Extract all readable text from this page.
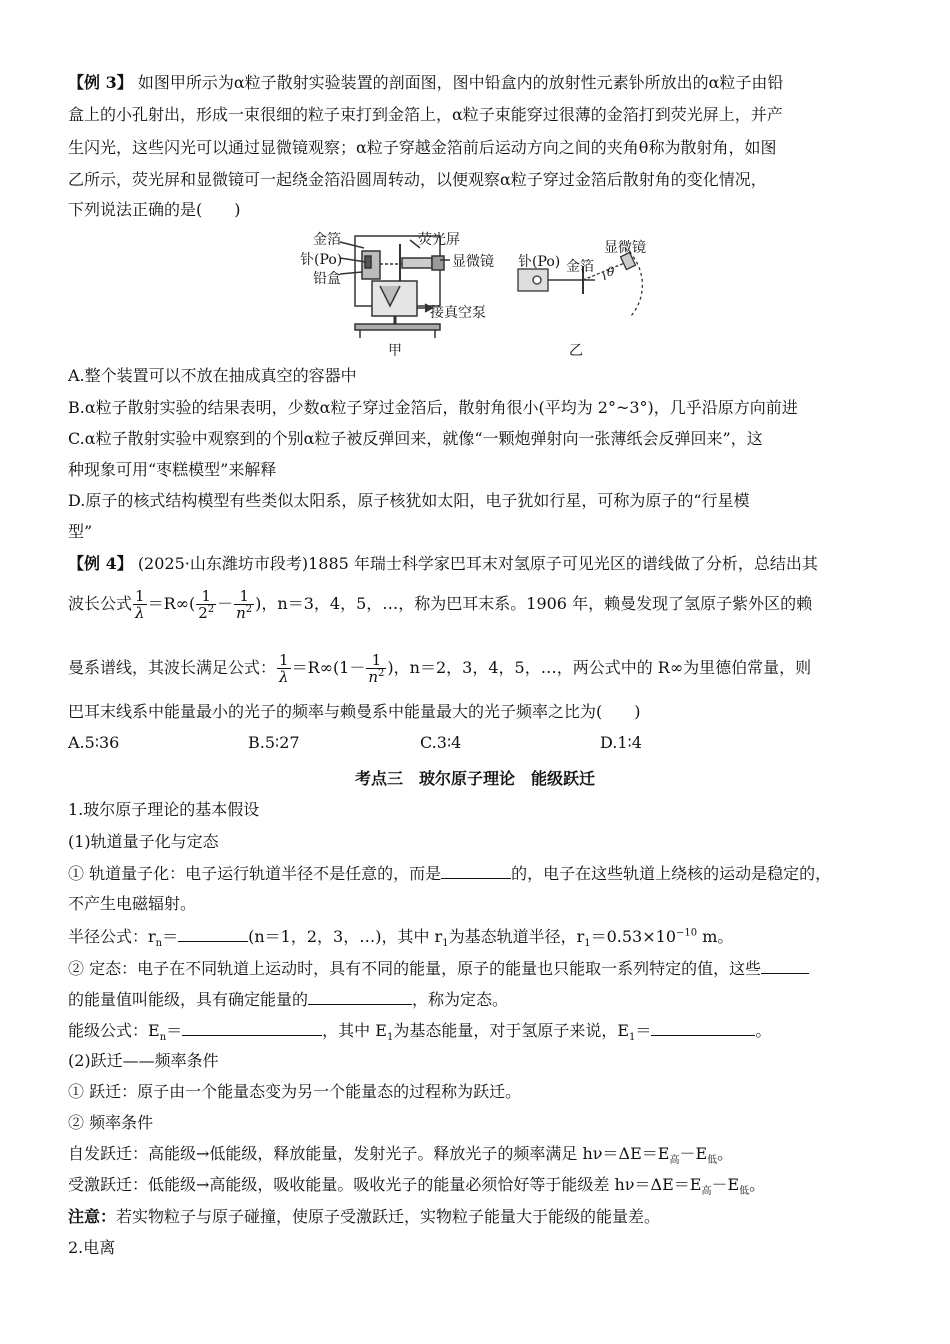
【例 3】 如图甲所示为α粒子散射实验装置的剖面图，图中铅盒内的放射性元素钋所放出的α粒子由铅
盒上的小孔射出，形成一束很细的粒子束打到金箔上，α粒子束能穿过很薄的金箔打到荧光屏上，并产
生闪光，这些闪光可以通过显微镜观察；α粒子穿越金箔前后运动方向之间的夹角θ称为散射角，如图
乙所示，荧光屏和显微镜可一起绕金箔沿圆周转动，以便观察α粒子穿过金箔后散射角的变化情况，
下列说法正确的是(　　)
金箔
钋(Po)
铅盒
荧光屏
显微镜
接真空泵
甲
钋(Po) 金箔
显微镜
θ
乙
A.整个装置可以不放在抽成真空的容器中
B.α粒子散射实验的结果表明，少数α粒子穿过金箔后，散射角很小(平均为 2°~3°)，几乎沿原方向前进
C.α粒子散射实验中观察到的个别α粒子被反弹回来，就像“一颗炮弹射向一张薄纸会反弹回来”，这
种现象可用“枣糕模型”来解释
D.原子的核式结构模型有些类似太阳系，原子核犹如太阳，电子犹如行星，可称为原子的“行星模
型”
【例 4】 (2025·山东潍坊市段考)1885 年瑞士科学家巴耳末对氢原子可见光区的谱线做了分析，总结出其
波长公式 $\frac{1}{\lambda} =R\infty( \frac{1}{2^2} - \frac{1}{n^2}$ )，n＝3，4，5，…，称为巴耳末系。1906 年，赖曼发现了氢原子紫外区的赖
曼系谱线，其波长满足公式： $\frac{1}{\lambda} =R\infty(1- \frac{1}{n^2}$ )，n＝2，3，4，5，…，两公式中的 R∞为里德伯常量，则
巴耳末线系中能量最小的光子的频率与赖曼系中能量最大的光子频率之比为(　　)
A.5∶36	B.5∶27	C.3∶4	D.1∶4
考点三　玻尔原子理论　能级跃迁
1.玻尔原子理论的基本假设
(1)轨道量子化与定态
① 轨道量子化：电子运行轨道半径不是任意的，而是	的，电子在这些轨道上绕核的运动是稳定的，
不产生电磁辐射。
半径公式：$r_n=$	(n＝1，2，3，…)，其中 $r_1$为基态轨道半径，$r_1=0.53\times 10^{-10}$ m。
② 定态：电子在不同轨道上运动时，具有不同的能量，原子的能量也只能取一系列特定的值，这些
的能量值叫能级，具有确定能量的	，称为定态。
能级公式：$E_n=$	，其中 $E_1$为基态能量，对于氢原子来说，$E_1=$	。
(2)跃迁——频率条件
① 跃迁：原子由一个能量态变为另一个能量态的过程称为跃迁。
② 频率条件
自发跃迁：高能级→低能级，释放能量，发射光子。释放光子的频率满足 $h\nu=\Delta E=E_高-E_低$。
受激跃迁：低能级→高能级，吸收能量。吸收光子的能量必须恰好等于能级差 $h\nu=\Delta E=E_高-E_低$。
注意：若实物粒子与原子碰撞，使原子受激跃迁，实物粒子能量大于能级的能量差。
2.电离
